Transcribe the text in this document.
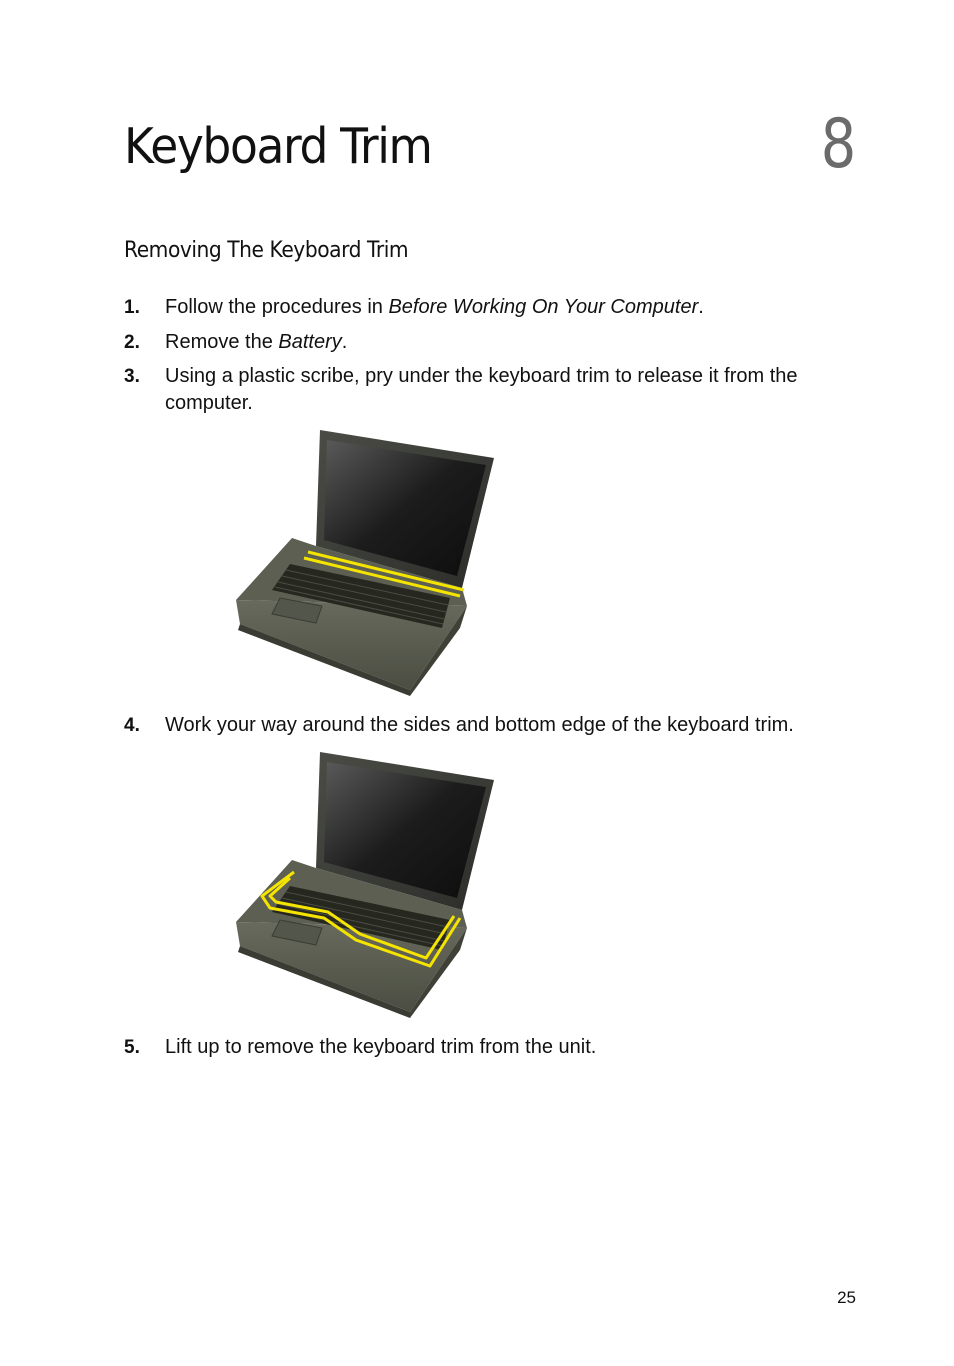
Keyboard Trim	8
Removing The Keyboard Trim
1. Follow the procedures in Before Working On Your Computer.
2. Remove the Battery.
3. Using a plastic scribe, pry under the keyboard trim to release it from the computer.
4. Work your way around the sides and bottom edge of the keyboard trim.
5. Lift up to remove the keyboard trim from the unit.
25
